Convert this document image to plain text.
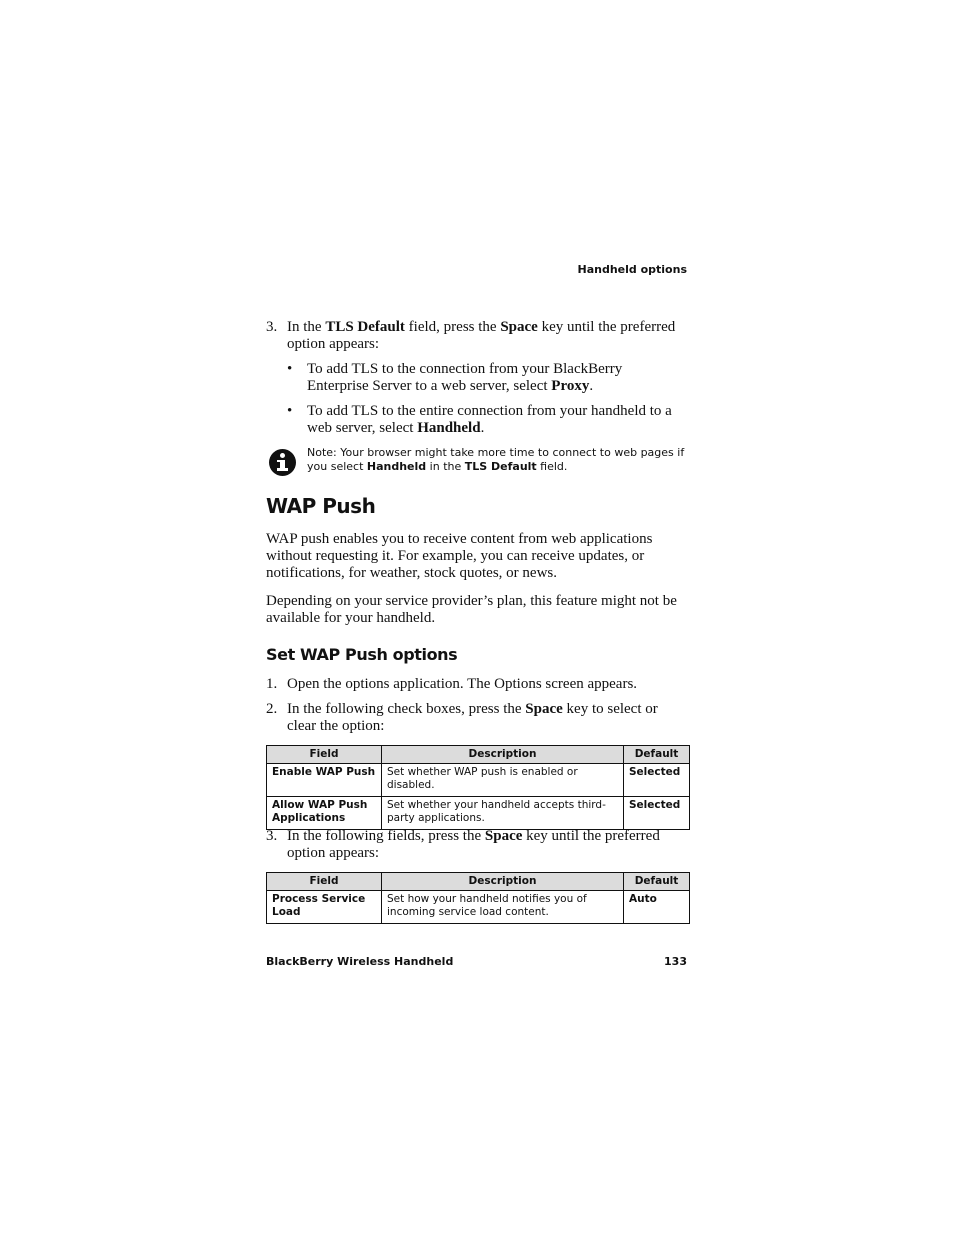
Handheld options
3. In the TLS Default field, press the Space key until the preferred option appears:
• To add TLS to the connection from your BlackBerry Enterprise Server to a web server, select Proxy.
• To add TLS to the entire connection from your handheld to a web server, select Handheld.
Note: Your browser might take more time to connect to web pages if you select Handheld in the TLS Default field.
WAP Push

WAP push enables you to receive content from web applications without requesting it. For example, you can receive updates, or notifications, for weather, stock quotes, or news.

Depending on your service provider’s plan, this feature might not be available for your handheld.

Set WAP Push options
1. Open the options application. The Options screen appears.
2. In the following check boxes, press the Space key to select or clear the option:
Field	Description	Default
Enable WAP Push	Set whether WAP push is enabled or disabled.	Selected
Allow WAP Push Applications	Set whether your handheld accepts third-party applications.	Selected
3. In the following fields, press the Space key until the preferred option appears:
Field	Description	Default
Process Service Load	Set how your handheld notifies you of incoming service load content.	Auto
BlackBerry Wireless Handheld	133
